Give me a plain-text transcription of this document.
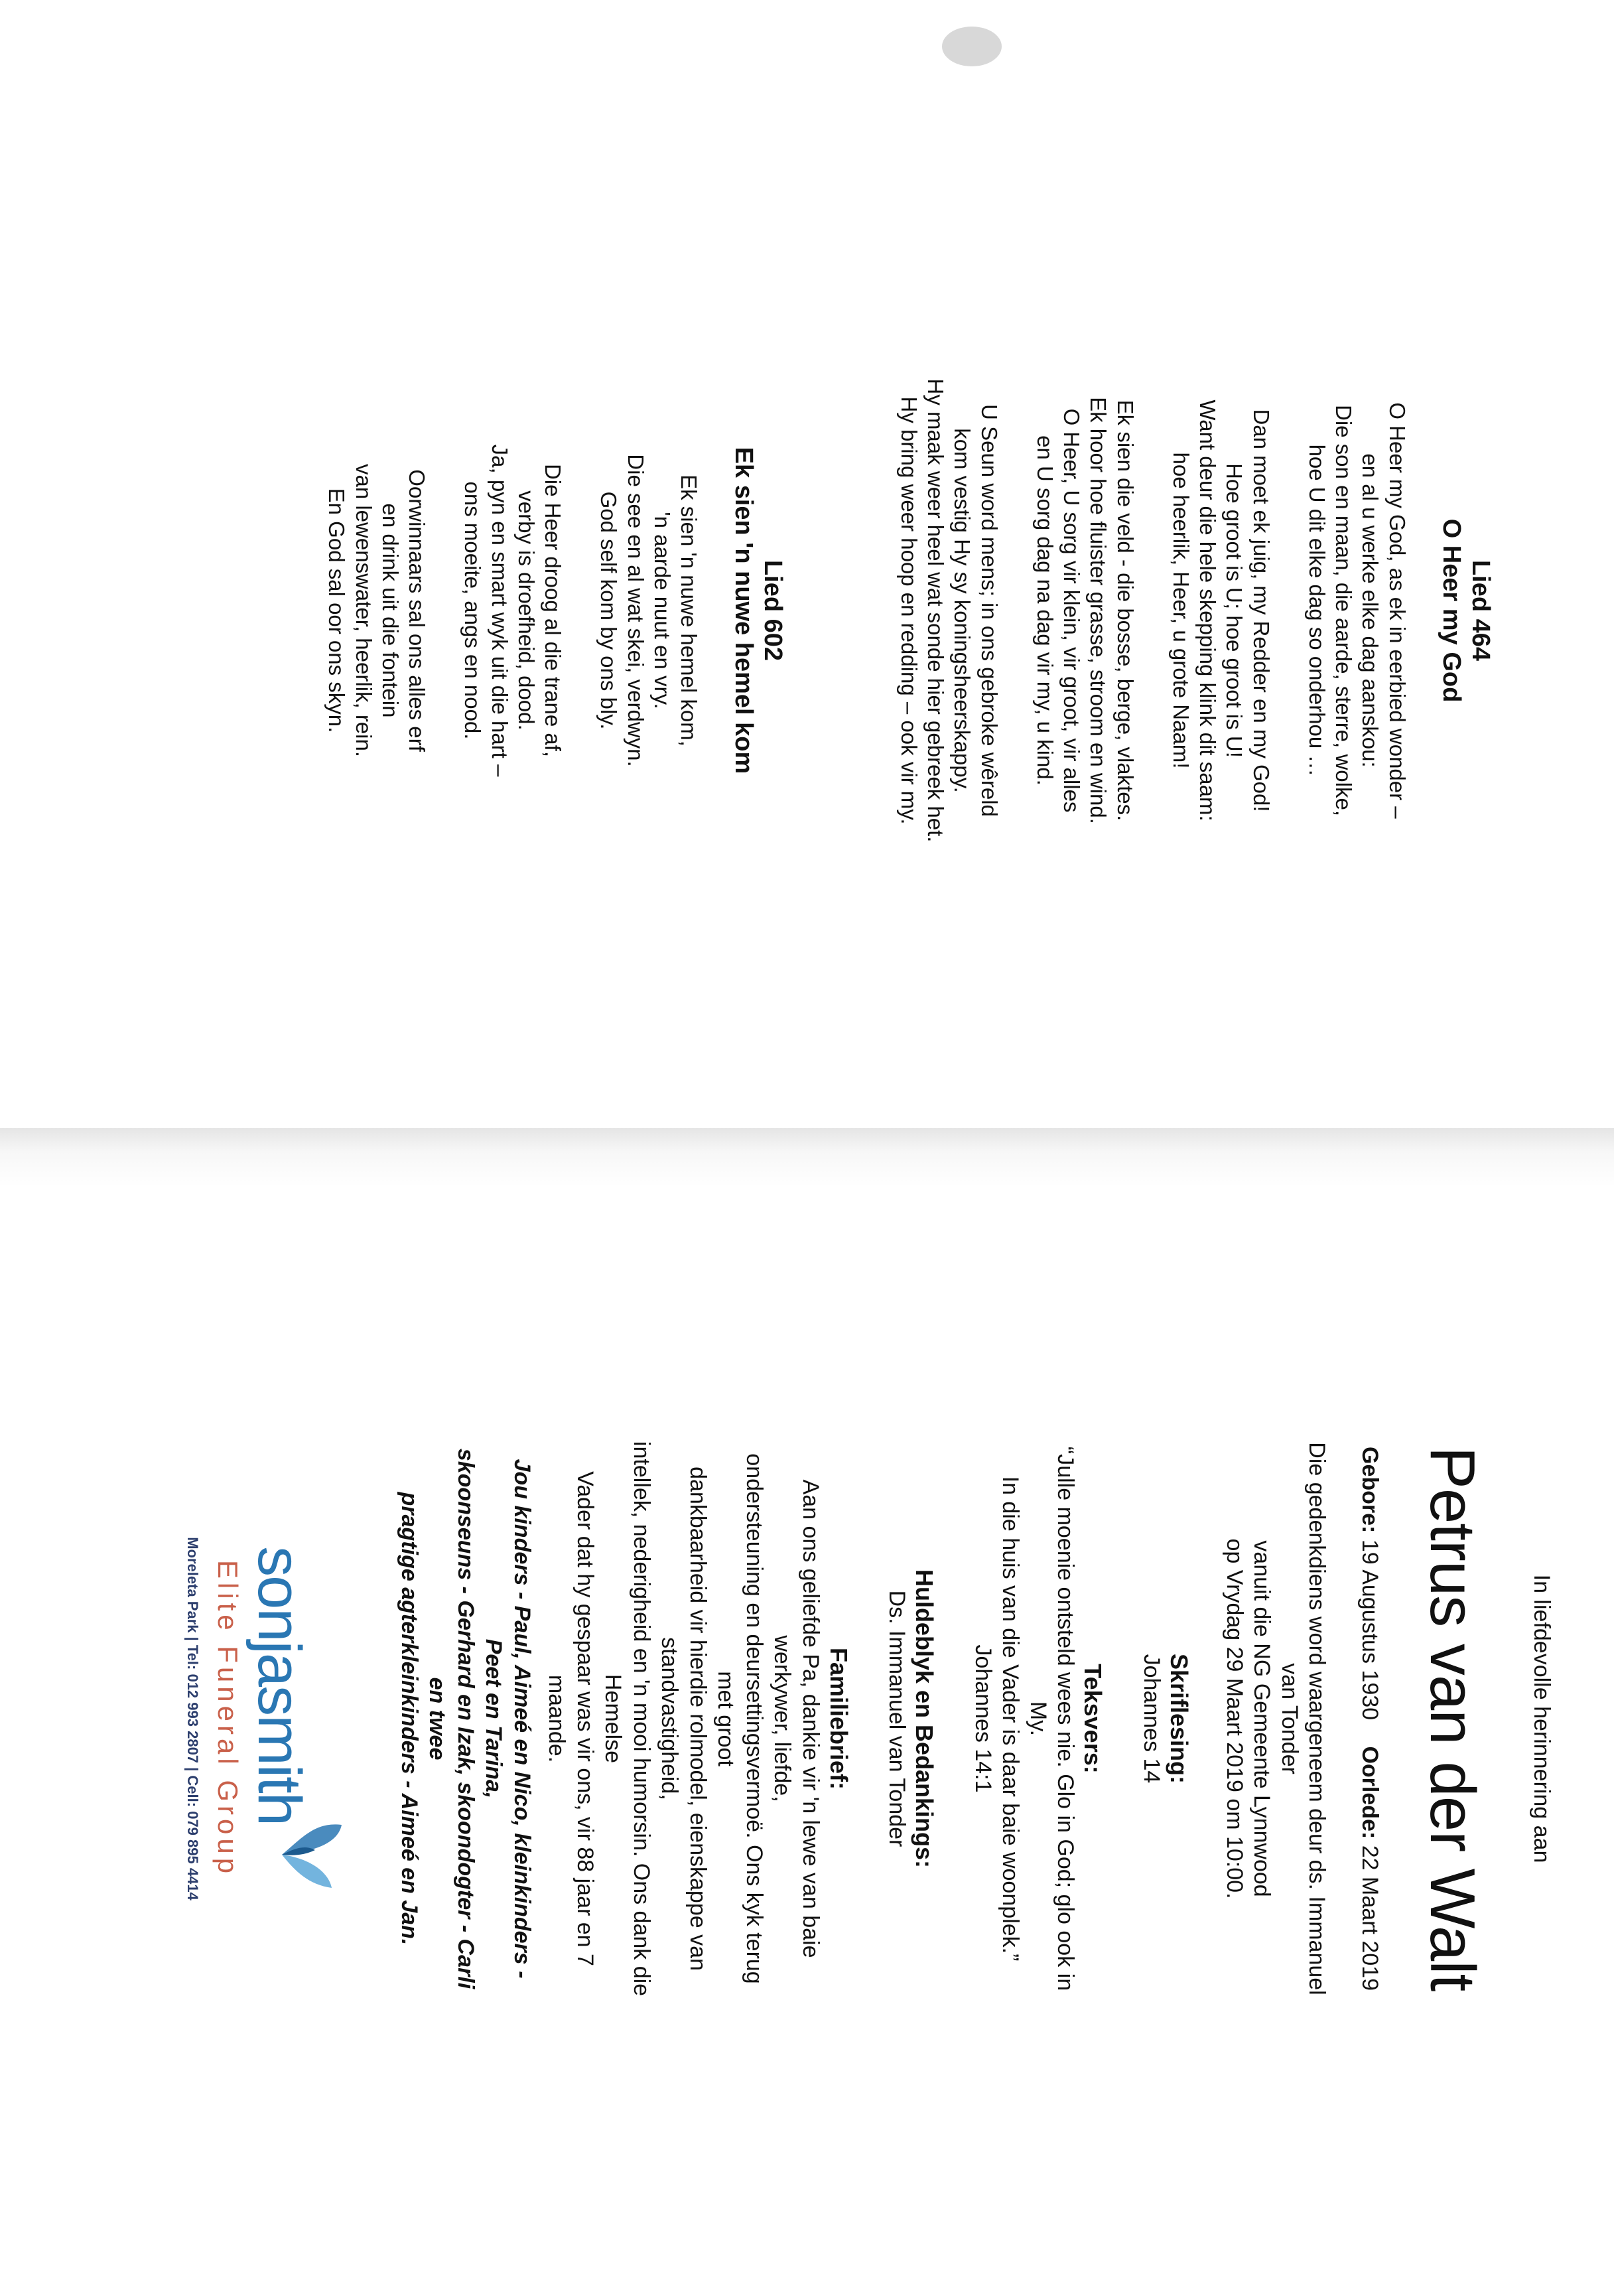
Lied 464
O Heer my God
O Heer my God, as ek in eerbied wonder –
en al u werke elke dag aanskou:
Die son en maan, die aarde, sterre, wolke,
hoe U dit elke dag so onderhou …
Dan moet ek juig, my Redder en my God!
Hoe groot is U; hoe groot is U!
Want deur die hele skepping klink dit saam:
hoe heerlik, Heer, u grote Naam!
Ek sien die veld - die bosse, berge, vlaktes.
Ek hoor hoe fluister grasse, stroom en wind.
O Heer, U sorg vir klein, vir groot, vir alles
en U sorg dag na dag vir my, u kind.
U Seun word mens; in ons gebroke wêreld
kom vestig Hy sy koningsheerskappy.
Hy maak weer heel wat sonde hier gebreek het.
Hy bring weer hoop en redding – ook vir my.
Lied 602
Ek sien 'n nuwe hemel kom
Ek sien 'n nuwe hemel kom,
'n aarde nuut en vry.
Die see en al wat skei, verdwyn.
God self kom by ons bly.
Die Heer droog al die trane af,
verby is droefheid, dood.
Ja, pyn en smart wyk uit die hart –
ons moeite, angs en nood.
Oorwinnaars sal ons alles erf
en drink uit die fontein
van lewenswater, heerlik, rein.
En God sal oor ons skyn.
In liefdevolle herinnering aan
Petrus van der Walt
Gebore: 19 Augustus 1930
Oorlede: 22 Maart 2019
Die gedenkdiens word waargeneem deur ds. Immanuel van Tonder
vanuit die NG Gemeente Lynnwood
op Vrydag 29 Maart 2019 om 10:00.
Skriflesing:
Johannes 14
Teksvers:
“Julle moenie ontsteld wees nie. Glo in God; glo ook in My.
In die huis van die Vader is daar baie woonplek.”
Johannes 14:1
Huldeblyk en Bedankings:
Ds. Immanuel van Tonder
Familiebrief:
Aan ons geliefde Pa, dankie vir 'n lewe van baie werkywer, liefde,
ondersteuning en deursettingsvermoë. Ons kyk terug met groot
dankbaarheid vir hierdie rolmodel, eienskappe van standvastigheid,
intellek, nederigheid en 'n mooi humorsin. Ons dank die Hemelse
Vader dat hy gespaar was vir ons, vir 88 jaar en 7 maande.
Jou kinders - Paul, Aimeé en Nico, kleinkinders - Peet en Tarina,
skoonseuns - Gerhard en Izak, skoondogter - Carli en twee
pragtige agterkleinkinders - Aimeé en Jan.
sonjasmith
Elite Funeral Group
Moreleta Park | Tel: 012 993 2807 | Cell: 079 895 4414
